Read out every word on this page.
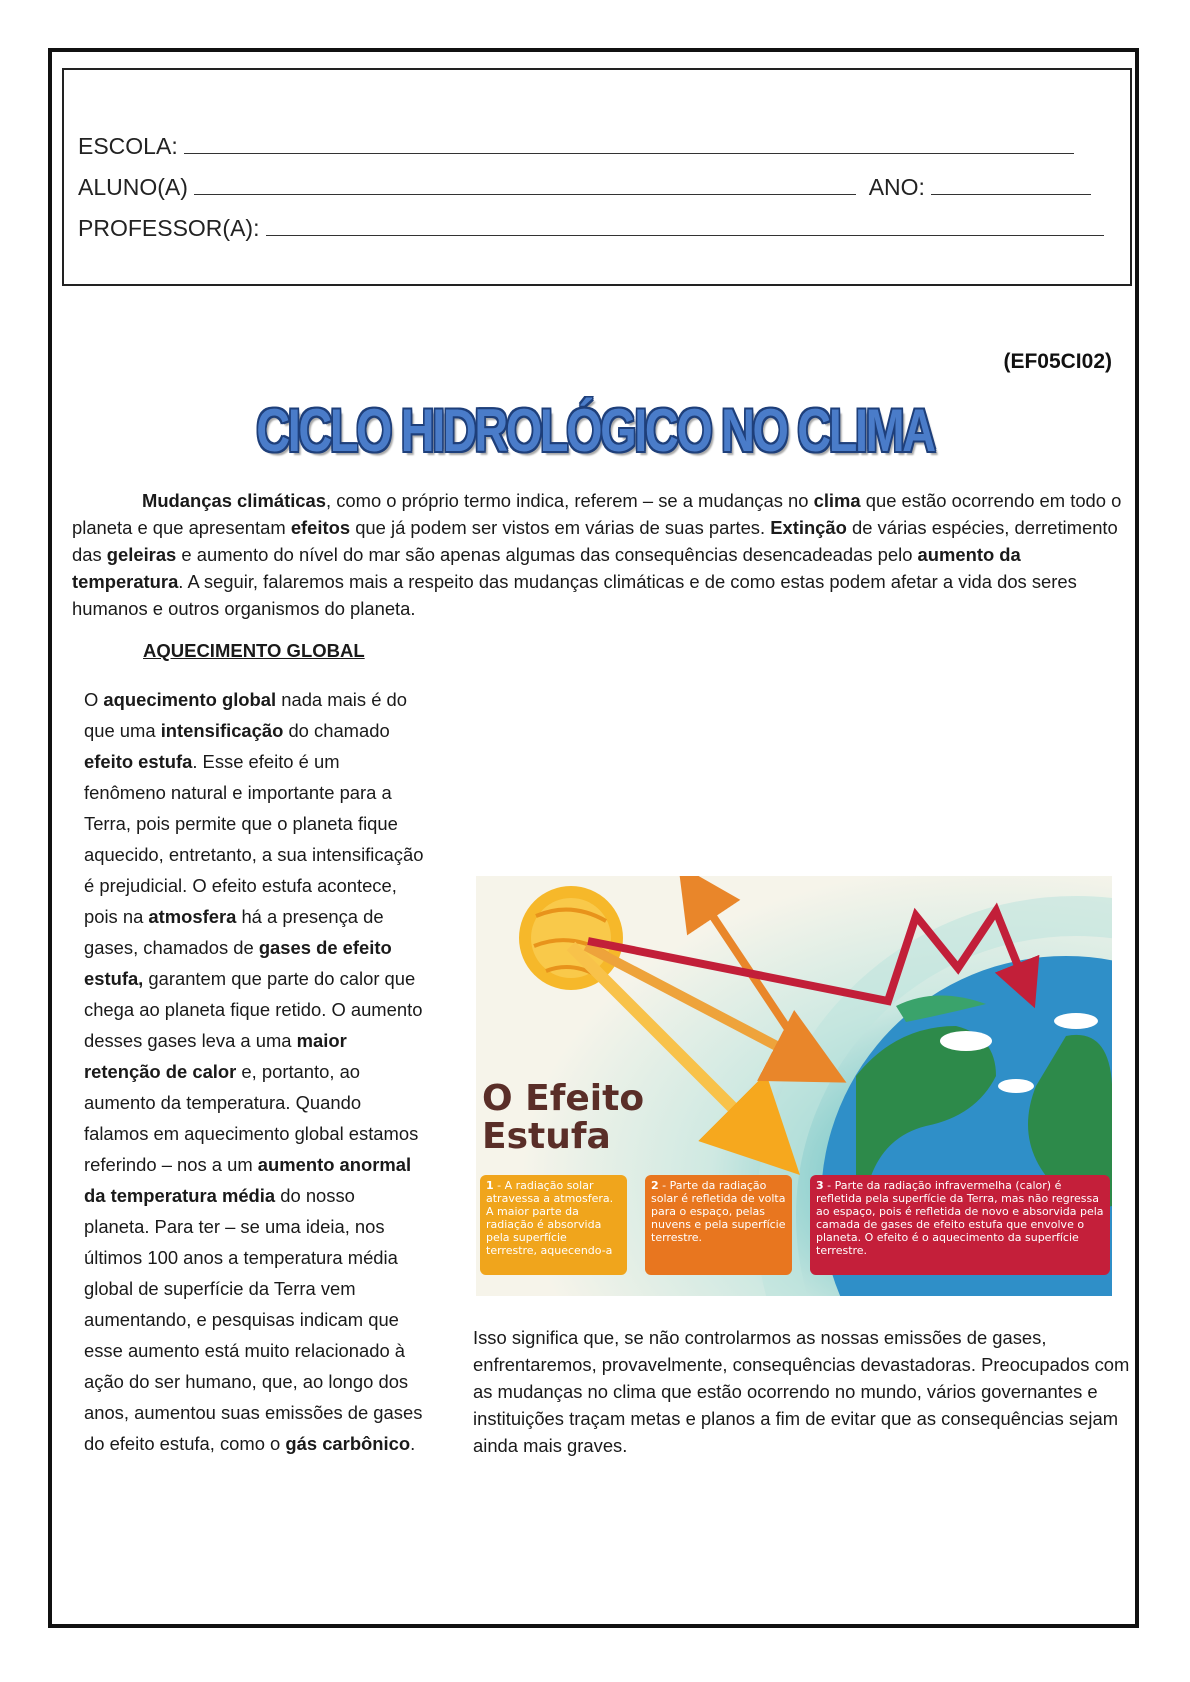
ESCOLA:
ALUNO(A)	ANO:
PROFESSOR(A):
(EF05CI02)
CICLO HIDROLÓGICO NO CLIMA

Mudanças climáticas, como o próprio termo indica, referem – se a mudanças no clima que estão ocorrendo em todo o planeta e que apresentam efeitos que já podem ser vistos em várias de suas partes. Extinção de várias espécies, derretimento das geleiras e aumento do nível do mar são apenas algumas das consequências desencadeadas pelo aumento da temperatura. A seguir, falaremos mais a respeito das mudanças climáticas e de como estas podem afetar a vida dos seres humanos e outros organismos do planeta.

AQUECIMENTO GLOBAL

O aquecimento global nada mais é do que uma intensificação do chamado efeito estufa. Esse efeito é um fenômeno natural e importante para a Terra, pois permite que o planeta fique aquecido, entretanto, a sua intensificação é prejudicial. O efeito estufa acontece, pois na atmosfera há a presença de gases, chamados de gases de efeito estufa, garantem que parte do calor que chega ao planeta fique retido. O aumento desses gases leva a uma maior retenção de calor e, portanto, ao aumento da temperatura. Quando falamos em aquecimento global estamos referindo – nos a um aumento anormal da temperatura média do nosso planeta. Para ter – se uma ideia, nos últimos 100 anos a temperatura média global de superfície da Terra vem aumentando, e pesquisas indicam que esse aumento está muito relacionado à ação do ser humano, que, ao longo dos anos, aumentou suas emissões de gases do efeito estufa, como o gás carbônico.

O Efeito
Estufa
1 - A radiação solar atravessa a atmosfera. A maior parte da radiação é absorvida pela superfície terrestre, aquecendo-a
2 - Parte da radiação solar é refletida de volta para o espaço, pelas nuvens e pela superfície terrestre.
3 - Parte da radiação infravermelha (calor) é refletida pela superfície da Terra, mas não regressa ao espaço, pois é refletida de novo e absorvida pela camada de gases de efeito estufa que envolve o planeta. O efeito é o aquecimento da superfície terrestre.

Isso significa que, se não controlarmos as nossas emissões de gases, enfrentaremos, provavelmente, consequências devastadoras. Preocupados com as mudanças no clima que estão ocorrendo no mundo, vários governantes e instituições traçam metas e planos a fim de evitar que as consequências sejam ainda mais graves.
